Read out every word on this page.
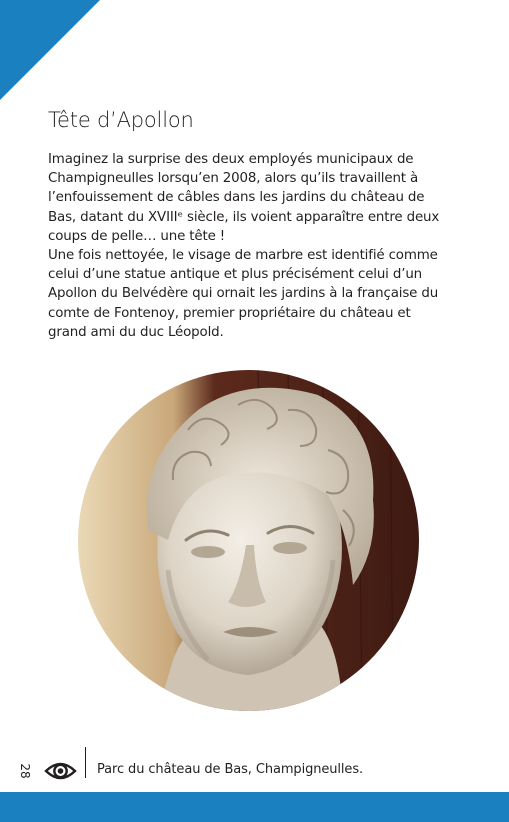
Tête d’Apollon

Imaginez la surprise des deux employés municipaux de Champigneulles lorsqu’en 2008, alors qu’ils travaillent à l’enfouissement de câbles dans les jardins du château de Bas, datant du XVIIIᵉ siècle, ils voient apparaître entre deux coups de pelle… une tête !

Une fois nettoyée, le visage de marbre est identifié comme celui d’une statue antique et plus précisément celui d’un Apollon du Belvédère qui ornait les jardins à la française du comte de Fontenoy, premier propriétaire du château et grand ami du duc Léopold.

28	Parc du château de Bas, Champigneulles.
